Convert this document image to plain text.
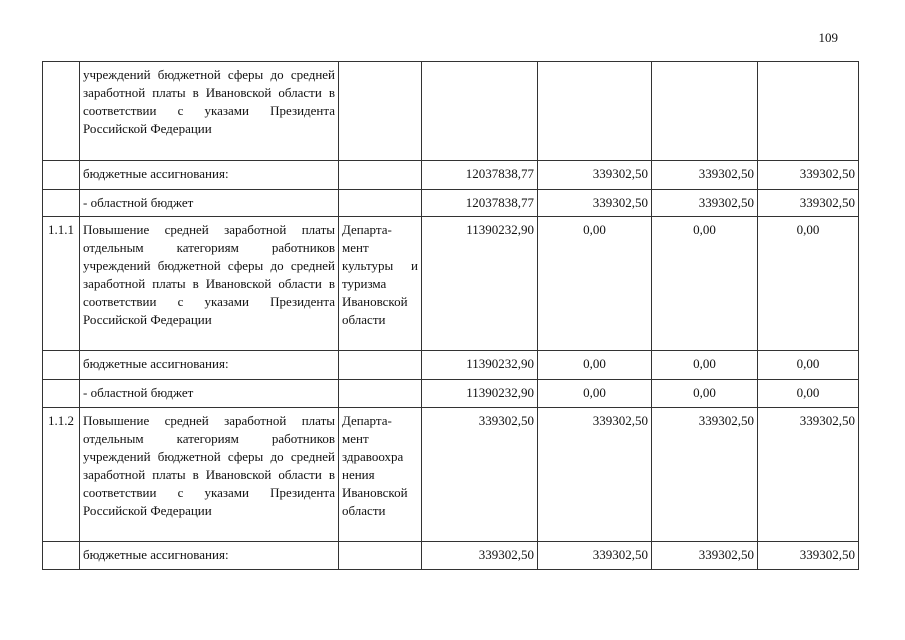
109
	учреждений бюджетной сферы до средней заработной платы в Ивановской области в соответствии с указами Президента Российской Федерации					
	бюджетные ассигнования:		12037838,77	339302,50	339302,50	339302,50
	- областной бюджет		12037838,77	339302,50	339302,50	339302,50
1.1.1	Повышение средней заработной платы отдельным категориям работников учреждений бюджетной сферы до средней заработной платы в Ивановской области в соответствии с указами Президента Российской Федерации	Департа-мент культуры и туризма Ивановской области	11390232,90	0,00	0,00	0,00
	бюджетные ассигнования:		11390232,90	0,00	0,00	0,00
	- областной бюджет		11390232,90	0,00	0,00	0,00
1.1.2	Повышение средней заработной платы отдельным категориям работников учреждений бюджетной сферы до средней заработной платы в Ивановской области в соответствии с указами Президента Российской Федерации	Департа-мент здравоохра нения Ивановской области	339302,50	339302,50	339302,50	339302,50
	бюджетные ассигнования:		339302,50	339302,50	339302,50	339302,50
